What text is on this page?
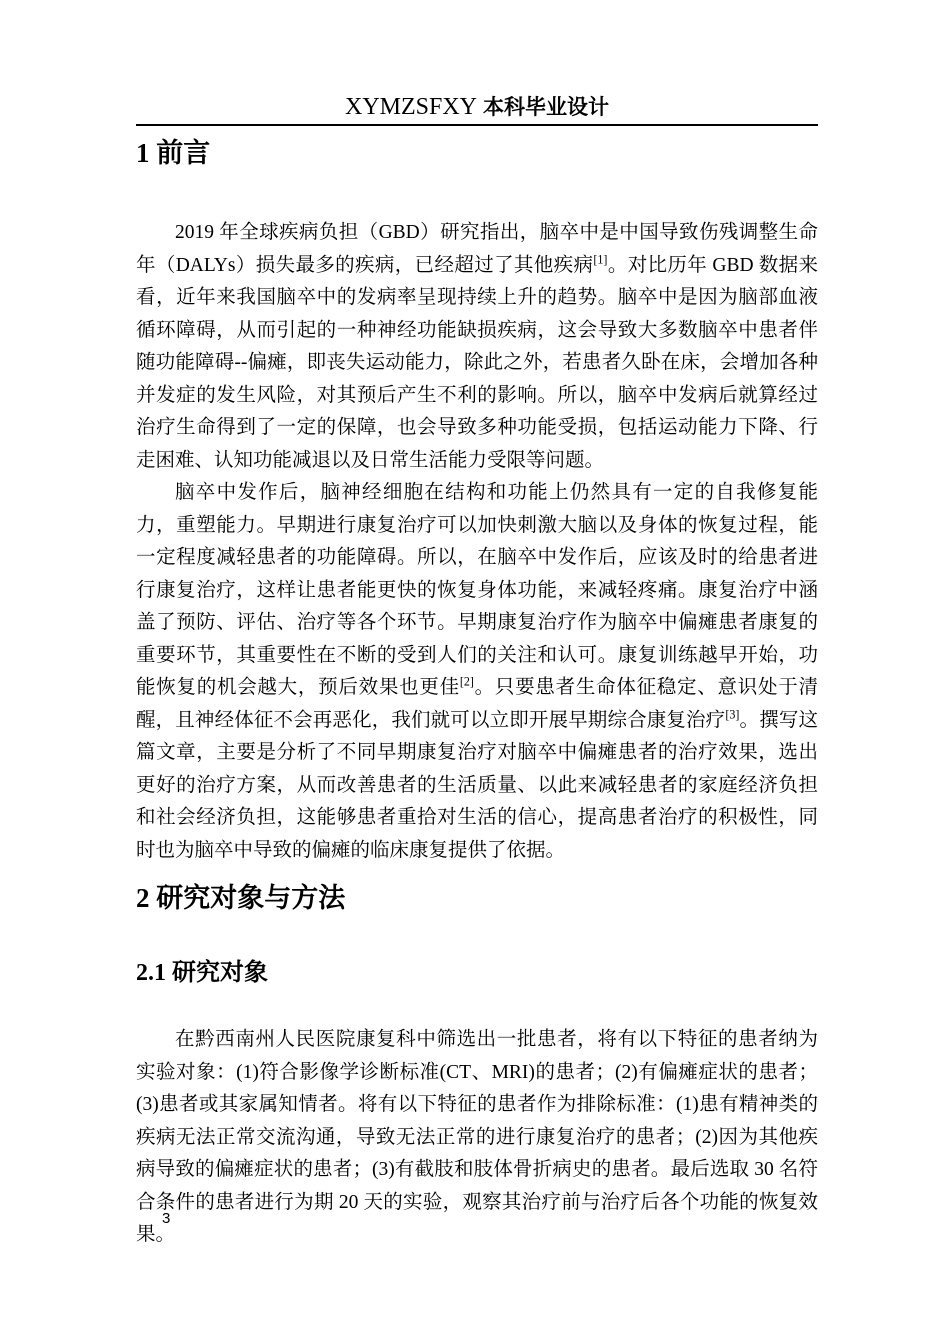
XYMZSFXY 本科毕业设计
1 前言

2019 年全球疾病负担（GBD）研究指出，脑卒中是中国导致伤残调整生命年（DALYs）损失最多的疾病，已经超过了其他疾病[1]。对比历年 GBD 数据来看，近年来我国脑卒中的发病率呈现持续上升的趋势。脑卒中是因为脑部血液循环障碍，从而引起的一种神经功能缺损疾病，这会导致大多数脑卒中患者伴随功能障碍--偏瘫，即丧失运动能力，除此之外，若患者久卧在床，会增加各种并发症的发生风险，对其预后产生不利的影响。所以，脑卒中发病后就算经过治疗生命得到了一定的保障，也会导致多种功能受损，包括运动能力下降、行走困难、认知功能减退以及日常生活能力受限等问题。

脑卒中发作后，脑神经细胞在结构和功能上仍然具有一定的自我修复能力，重塑能力。早期进行康复治疗可以加快刺激大脑以及身体的恢复过程，能一定程度减轻患者的功能障碍。所以，在脑卒中发作后，应该及时的给患者进行康复治疗，这样让患者能更快的恢复身体功能，来减轻疼痛。康复治疗中涵盖了预防、评估、治疗等各个环节。早期康复治疗作为脑卒中偏瘫患者康复的重要环节，其重要性在不断的受到人们的关注和认可。康复训练越早开始，功能恢复的机会越大，预后效果也更佳[2]。只要患者生命体征稳定、意识处于清醒，且神经体征不会再恶化，我们就可以立即开展早期综合康复治疗[3]。撰写这篇文章，主要是分析了不同早期康复治疗对脑卒中偏瘫患者的治疗效果，选出更好的治疗方案，从而改善患者的生活质量、以此来减轻患者的家庭经济负担和社会经济负担，这能够患者重拾对生活的信心，提高患者治疗的积极性，同时也为脑卒中导致的偏瘫的临床康复提供了依据。

2 研究对象与方法
2.1 研究对象

在黔西南州人民医院康复科中筛选出一批患者，将有以下特征的患者纳为实验对象：(1)符合影像学诊断标准(CT、MRI)的患者；(2)有偏瘫症状的患者；(3)患者或其家属知情者。将有以下特征的患者作为排除标准：(1)患有精神类的疾病无法正常交流沟通，导致无法正常的进行康复治疗的患者；(2)因为其他疾病导致的偏瘫症状的患者；(3)有截肢和肢体骨折病史的患者。最后选取 30 名符合条件的患者进行为期 20 天的实验，观察其治疗前与治疗后各个功能的恢复效果。

3
